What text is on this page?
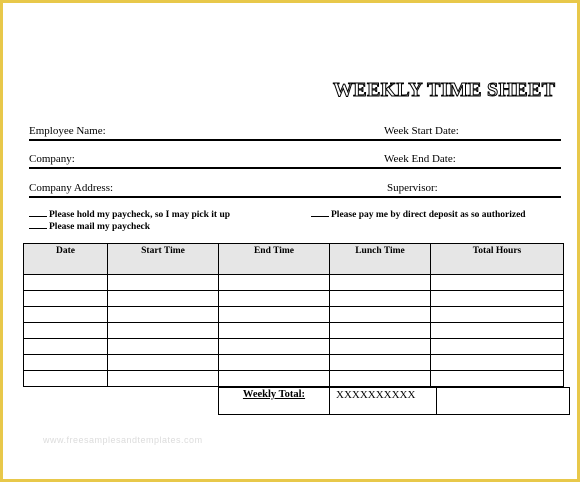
WEEKLY TIME SHEET
Employee Name:	Week Start Date:
Company:	Week End Date:
Company Address:	Supervisor:
Please hold my paycheck, so I may pick it up
Please mail my paycheck
Please pay me by direct deposit as so authorized
Date	Start Time	End Time	Lunch Time	Total Hours

Weekly Total:	XXXXXXXXXX	
www.freesamplesandtemplates.com
